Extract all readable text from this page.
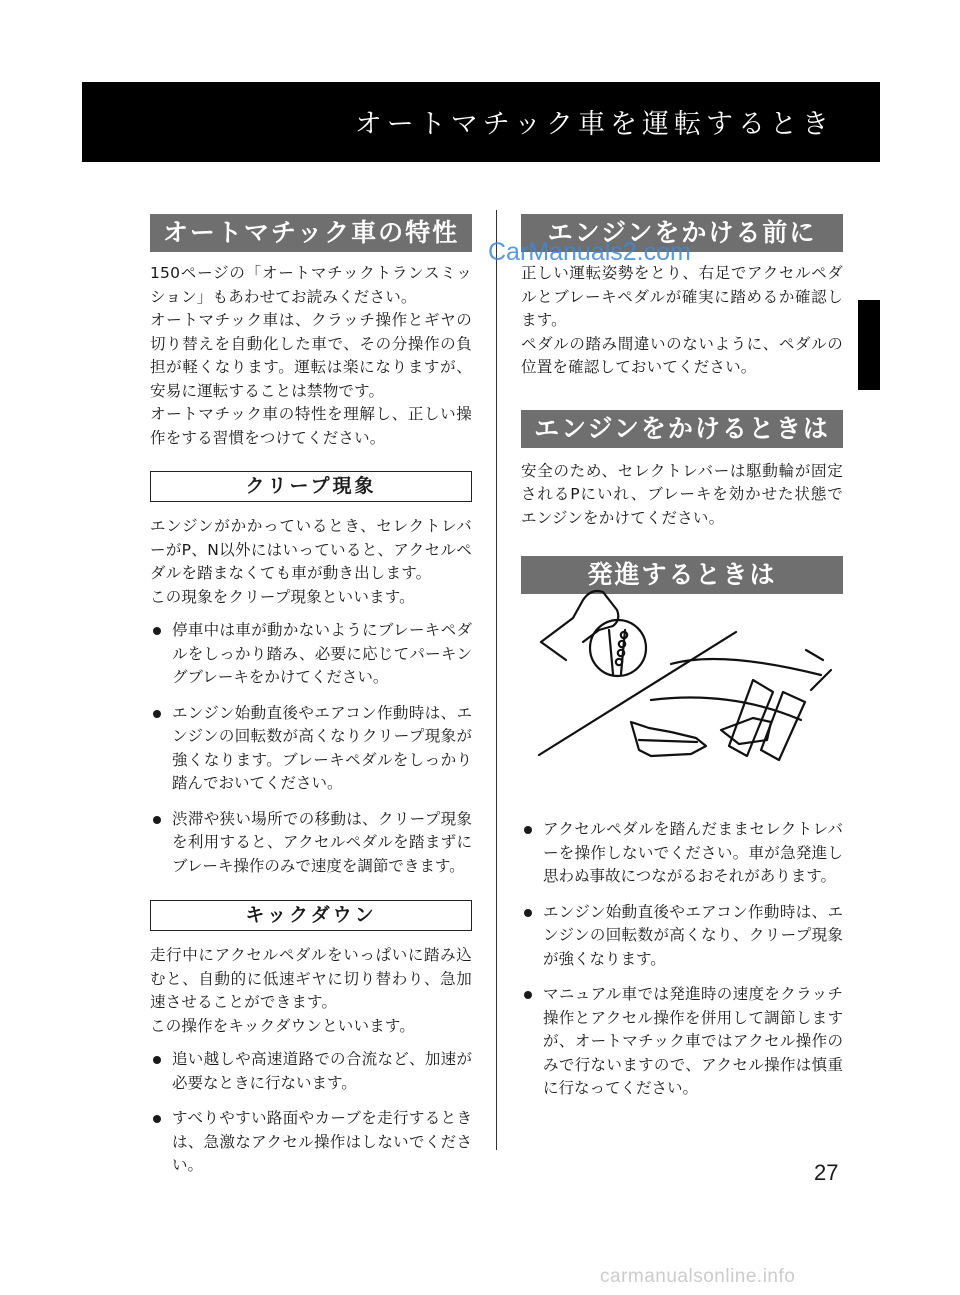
オートマチック車を運転するとき
オートマチック車の特性

150ページの「オートマチックトランスミッション」もあわせてお読みください。

オートマチック車は、クラッチ操作とギヤの切り替えを自動化した車で、その分操作の負担が軽くなります。運転は楽になりますが、安易に運転することは禁物です。

オートマチック車の特性を理解し、正しい操作をする習慣をつけてください。

クリープ現象

エンジンがかかっているとき、セレクトレバーがP、N以外にはいっていると、アクセルペダルを踏まなくても車が動き出します。

この現象をクリープ現象といいます。

停車中は車が動かないようにブレーキペダルをしっかり踏み、必要に応じてパーキングブレーキをかけてください。
エンジン始動直後やエアコン作動時は、エンジンの回転数が高くなりクリープ現象が強くなります。ブレーキペダルをしっかり踏んでおいてください。
渋滞や狭い場所での移動は、クリープ現象を利用すると、アクセルペダルを踏まずにブレーキ操作のみで速度を調節できます。
キックダウン

走行中にアクセルペダルをいっぱいに踏み込むと、自動的に低速ギヤに切り替わり、急加速させることができます。

この操作をキックダウンといいます。

追い越しや高速道路での合流など、加速が必要なときに行ないます。
すべりやすい路面やカーブを走行するときは、急激なアクセル操作はしないでください。
エンジンをかける前に

正しい運転姿勢をとり、右足でアクセルペダルとブレーキペダルが確実に踏めるか確認します。

ペダルの踏み間違いのないように、ペダルの位置を確認しておいてください。

エンジンをかけるときは

安全のため、セレクトレバーは駆動輪が固定されるPにいれ、ブレーキを効かせた状態でエンジンをかけてください。

発進するときは
アクセルペダルを踏んだままセレクトレバーを操作しないでください。車が急発進し思わぬ事故につながるおそれがあります。
エンジン始動直後やエアコン作動時は、エンジンの回転数が高くなり、クリープ現象が強くなります。
マニュアル車では発進時の速度をクラッチ操作とアクセル操作を併用して調節しますが、オートマチック車ではアクセル操作のみで行ないますので、アクセル操作は慎重に行なってください。
CarManuals2.com
27
carmanualsonline.info
